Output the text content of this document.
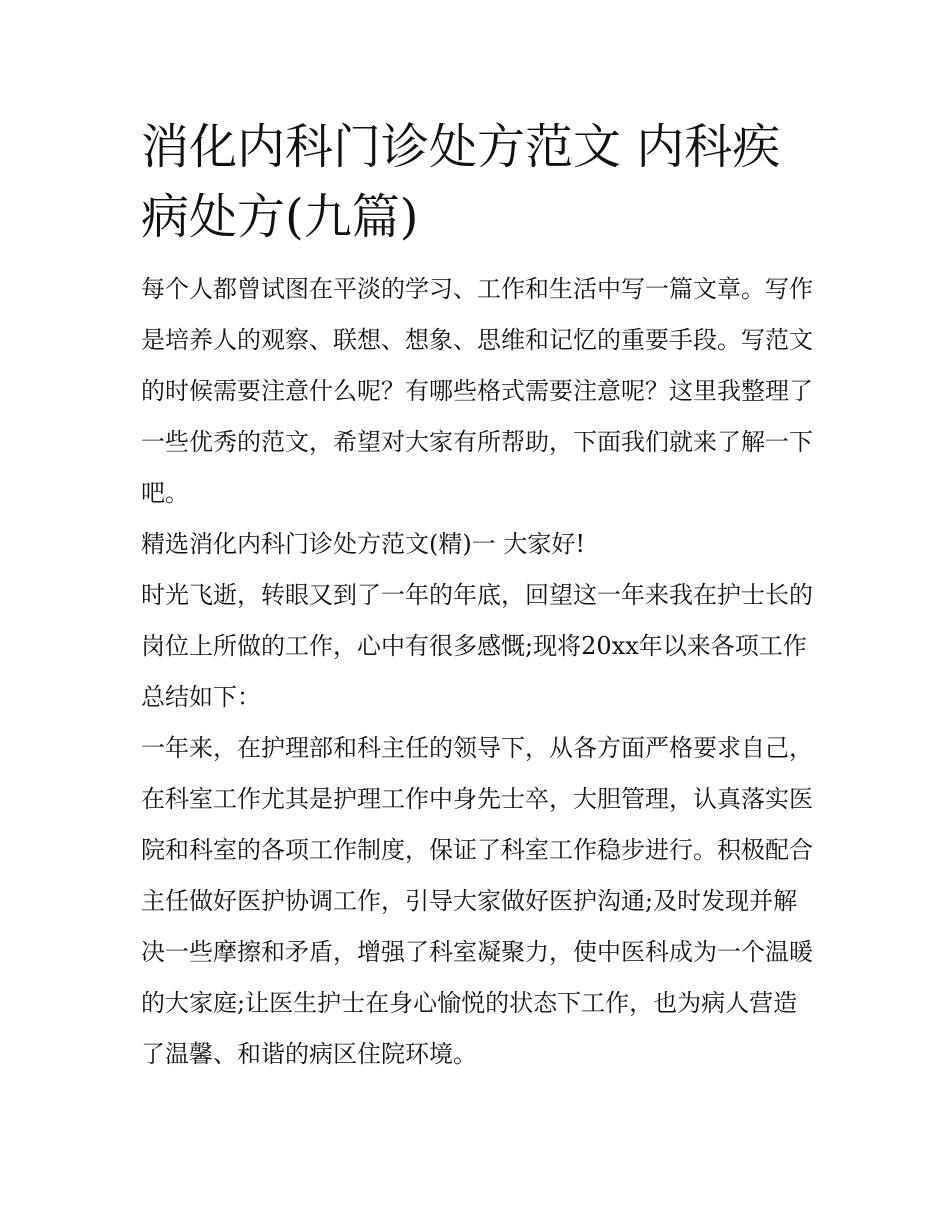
消化内科门诊处方范文 内科疾病处方(九篇)

每个人都曾试图在平淡的学习、工作和生活中写一篇文章。写作是培养人的观察、联想、想象、思维和记忆的重要手段。写范文的时候需要注意什么呢？有哪些格式需要注意呢？这里我整理了一些优秀的范文，希望对大家有所帮助，下面我们就来了解一下吧。

精选消化内科门诊处方范文(精)一 大家好!

时光飞逝，转眼又到了一年的年底，回望这一年来我在护士长的岗位上所做的工作，心中有很多感慨;现将20xx年以来各项工作总结如下：

一年来，在护理部和科主任的领导下，从各方面严格要求自己，在科室工作尤其是护理工作中身先士卒，大胆管理，认真落实医院和科室的各项工作制度，保证了科室工作稳步进行。积极配合主任做好医护协调工作，引导大家做好医护沟通;及时发现并解决一些摩擦和矛盾，增强了科室凝聚力，使中医科成为一个温暖的大家庭;让医生护士在身心愉悦的状态下工作，也为病人营造了温馨、和谐的病区住院环境。
